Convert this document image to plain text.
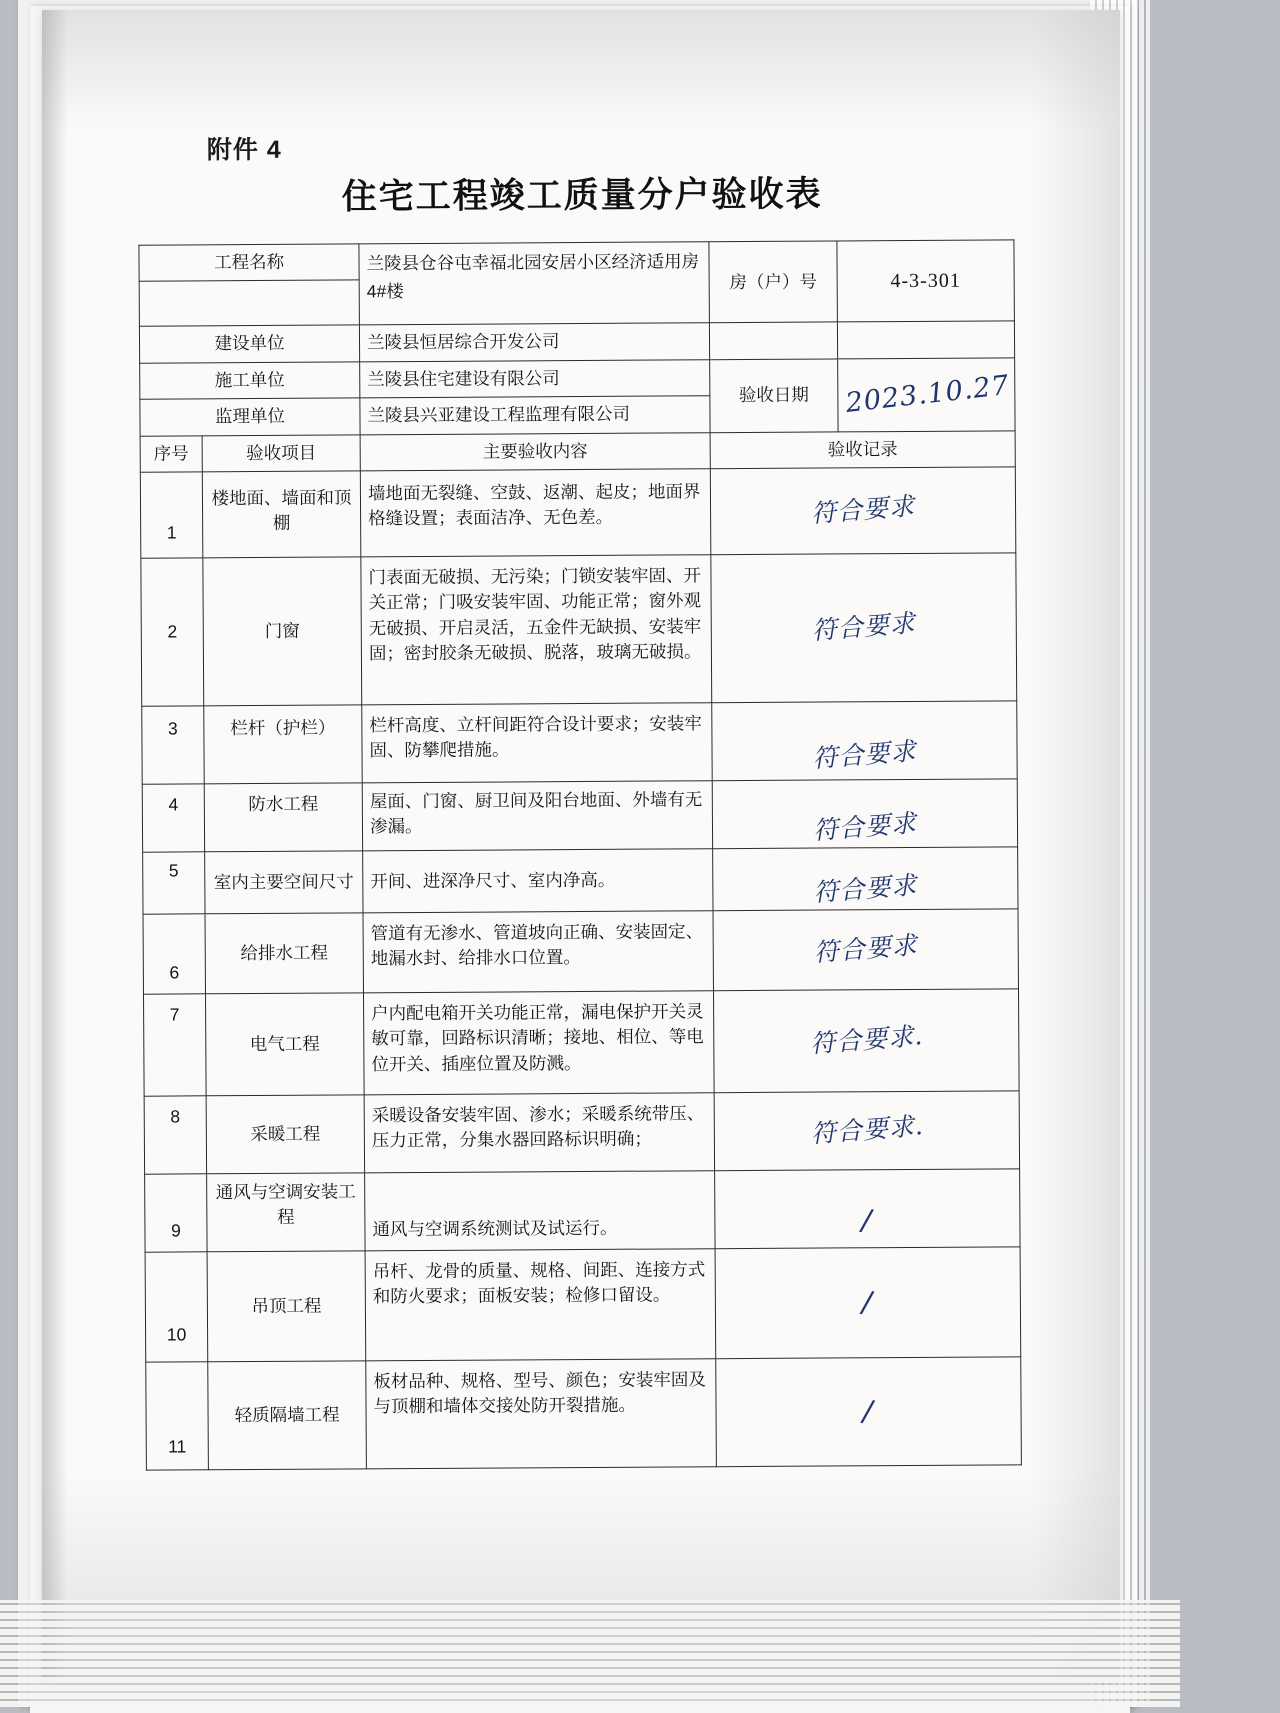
附件 4
住宅工程竣工质量分户验收表
工程名称		兰陵县仓谷屯幸福北园安居小区经济适用房4#楼	房（户）号	4-3-301

建设单位		兰陵县恒居综合开发公司		
施工单位		兰陵县住宅建设有限公司	验收日期	2023.10.27
监理单位		兰陵县兴亚建设工程监理有限公司		
序号	验收项目	主要验收内容	验收记录	
1	楼地面、墙面和顶棚	墙地面无裂缝、空鼓、返潮、起皮；地面界格缝设置；表面洁净、无色差。	符合要求	
2	门窗	门表面无破损、无污染；门锁安装牢固、开关正常；门吸安装牢固、功能正常；窗外观无破损、开启灵活，五金件无缺损、安装牢固；密封胶条无破损、脱落，玻璃无破损。	符合要求	
3	栏杆（护栏）	栏杆高度、立杆间距符合设计要求；安装牢固、防攀爬措施。	符合要求	
4	防水工程	屋面、门窗、厨卫间及阳台地面、外墙有无渗漏。	符合要求	
5	室内主要空间尺寸	开间、进深净尺寸、室内净高。	符合要求	
6	给排水工程	管道有无渗水、管道坡向正确、安装固定、地漏水封、给排水口位置。	符合要求	
7	电气工程	户内配电箱开关功能正常，漏电保护开关灵敏可靠，回路标识清晰；接地、相位、等电位开关、插座位置及防溅。	符合要求.	
8	采暖工程	采暖设备安装牢固、渗水；采暖系统带压、压力正常，分集水器回路标识明确；	符合要求.	
9	通风与空调安装工程	通风与空调系统测试及试运行。	/	
10	吊顶工程	吊杆、龙骨的质量、规格、间距、连接方式和防火要求；面板安装；检修口留设。	/	
11	轻质隔墙工程	板材品种、规格、型号、颜色；安装牢固及与顶棚和墙体交接处防开裂措施。	/	
